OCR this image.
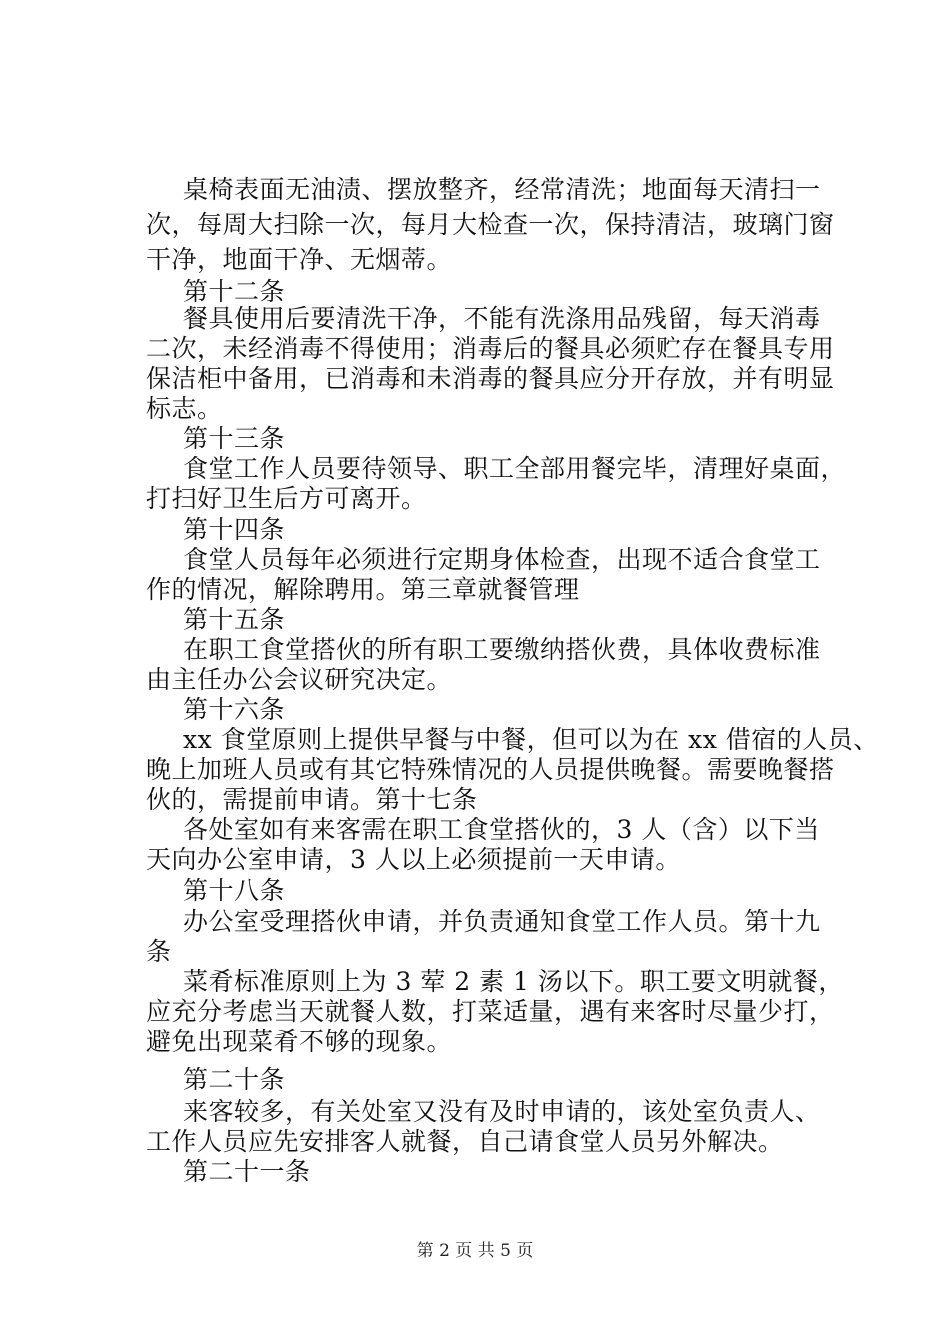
桌椅表面无油渍、摆放整齐，经常清洗；地面每天清扫一
次，每周大扫除一次，每月大检查一次，保持清洁，玻璃门窗
干净，地面干净、无烟蒂。
第十二条
餐具使用后要清洗干净，不能有洗涤用品残留，每天消毒
二次，未经消毒不得使用；消毒后的餐具必须贮存在餐具专用
保洁柜中备用，已消毒和未消毒的餐具应分开存放，并有明显
标志。
第十三条
食堂工作人员要待领导、职工全部用餐完毕，清理好桌面，
打扫好卫生后方可离开。
第十四条
食堂人员每年必须进行定期身体检查，出现不适合食堂工
作的情况，解除聘用。第三章就餐管理
第十五条
在职工食堂搭伙的所有职工要缴纳搭伙费，具体收费标准
由主任办公会议研究决定。
第十六条
xx 食堂原则上提供早餐与中餐，但可以为在 xx 借宿的人员、
晚上加班人员或有其它特殊情况的人员提供晚餐。需要晚餐搭
伙的，需提前申请。第十七条
各处室如有来客需在职工食堂搭伙的，3 人（含）以下当
天向办公室申请，3 人以上必须提前一天申请。
第十八条
办公室受理搭伙申请，并负责通知食堂工作人员。第十九
条
菜肴标准原则上为 3 荤 2 素 1 汤以下。职工要文明就餐，
应充分考虑当天就餐人数，打菜适量，遇有来客时尽量少打，
避免出现菜肴不够的现象。
第二十条
来客较多，有关处室又没有及时申请的，该处室负责人、
工作人员应先安排客人就餐，自己请食堂人员另外解决。
第二十一条
第 2 页 共 5 页
